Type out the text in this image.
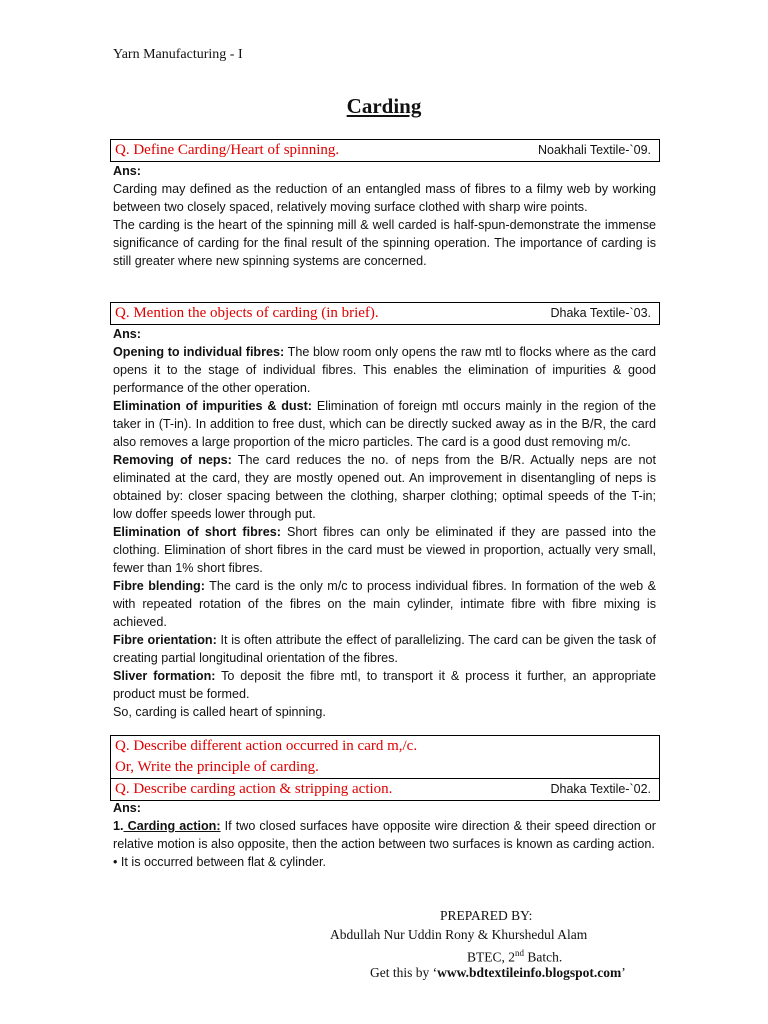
Yarn Manufacturing - I
Carding
Q. Define Carding/Heart of spinning.	Noakhali Textile-`09.

Ans:

Carding may defined as the reduction of an entangled mass of fibres to a filmy web by working between two closely spaced, relatively moving surface clothed with sharp wire points.

The carding is the heart of the spinning mill & well carded is half-spun-demonstrate the immense significance of carding for the final result of the spinning operation. The importance of carding is still greater where new spinning systems are concerned.

Q. Mention the objects of carding (in brief).	Dhaka Textile-`03.

Ans:

Opening to individual fibres: The blow room only opens the raw mtl to flocks where as the card opens it to the stage of individual fibres. This enables the elimination of impurities & good performance of the other operation.

Elimination of impurities & dust: Elimination of foreign mtl occurs mainly in the region of the taker in (T-in). In addition to free dust, which can be directly sucked away as in the B/R, the card also removes a large proportion of the micro particles. The card is a good dust removing m/c.

Removing of neps: The card reduces the no. of neps from the B/R. Actually neps are not eliminated at the card, they are mostly opened out. An improvement in disentangling of neps is obtained by: closer spacing between the clothing, sharper clothing; optimal speeds of the T-in; low doffer speeds lower through put.

Elimination of short fibres: Short fibres can only be eliminated if they are passed into the clothing. Elimination of short fibres in the card must be viewed in proportion, actually very small, fewer than 1% short fibres.

Fibre blending: The card is the only m/c to process individual fibres. In formation of the web & with repeated rotation of the fibres on the main cylinder, intimate fibre with fibre mixing is achieved.

Fibre orientation: It is often attribute the effect of parallelizing. The card can be given the task of creating partial longitudinal orientation of the fibres.

Sliver formation: To deposit the fibre mtl, to transport it & process it further, an appropriate product must be formed.

So, carding is called heart of spinning.

Q. Describe different action occurred in card m,/c.
Or, Write the principle of carding.
Q. Describe carding action & stripping action.	Dhaka Textile-`02.

Ans:

1. Carding action: If two closed surfaces have opposite wire direction & their speed direction or relative motion is also opposite, then the action between two surfaces is known as carding action.

• It is occurred between flat & cylinder.

PREPARED BY:
Abdullah Nur Uddin Rony & Khurshedul Alam
BTEC, 2nd Batch.
Get this by ‘www.bdtextileinfo.blogspot.com’
